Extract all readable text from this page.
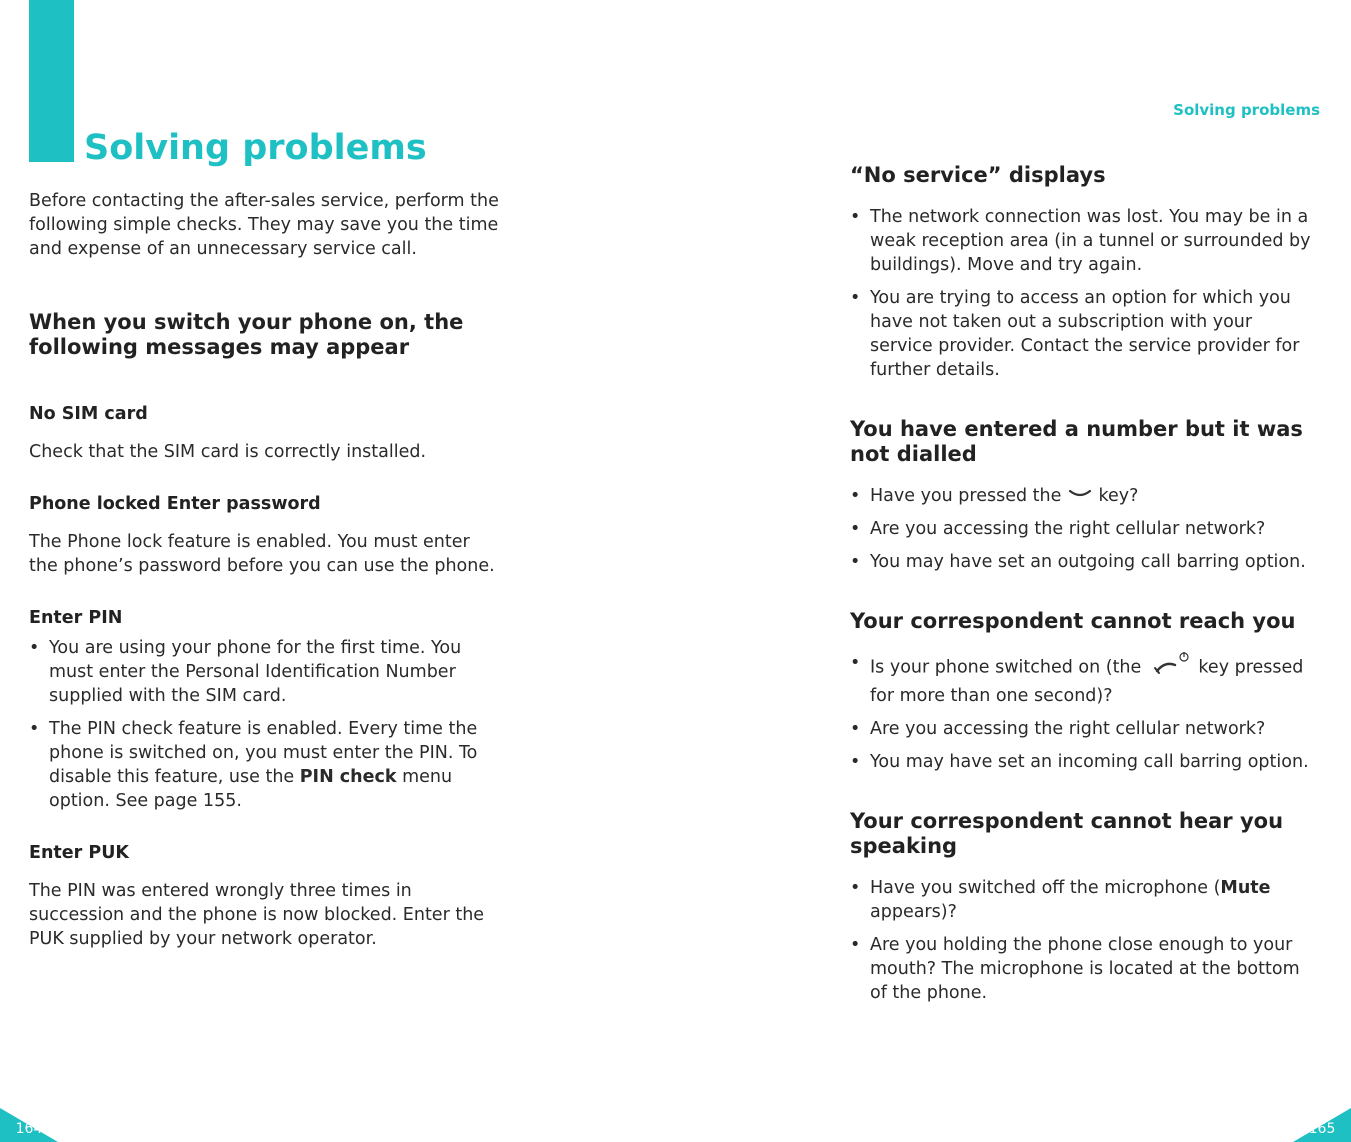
Solving problems

Before contacting the after-sales service, perform the following simple checks. They may save you the time and expense of an unnecessary service call.

When you switch your phone on, the following messages may appear
No SIM card

Check that the SIM card is correctly installed.

Phone locked Enter password

The Phone lock feature is enabled. You must enter the phone’s password before you can use the phone.

Enter PIN
• You are using your phone for the first time. You must enter the Personal Identification Number supplied with the SIM card.
• The PIN check feature is enabled. Every time the phone is switched on, you must enter the PIN. To disable this feature, use the PIN check menu option. See page 155.
Enter PUK

The PIN was entered wrongly three times in succession and the phone is now blocked. Enter the PUK supplied by your network operator.

164
Solving problems
“No service” displays
• The network connection was lost. You may be in a weak reception area (in a tunnel or surrounded by buildings). Move and try again.
• You are trying to access an option for which you have not taken out a subscription with your service provider. Contact the service provider for further details.
You have entered a number but it was not dialled
• Have you pressed the  key?
• Are you accessing the right cellular network?
• You may have set an outgoing call barring option.
Your correspondent cannot reach you
• Is your phone switched on (the	key pressed for more than one second)?
• Are you accessing the right cellular network?
• You may have set an incoming call barring option.
Your correspondent cannot hear you speaking
• Have you switched off the microphone (Mute appears)?
• Are you holding the phone close enough to your mouth? The microphone is located at the bottom of the phone.
165
